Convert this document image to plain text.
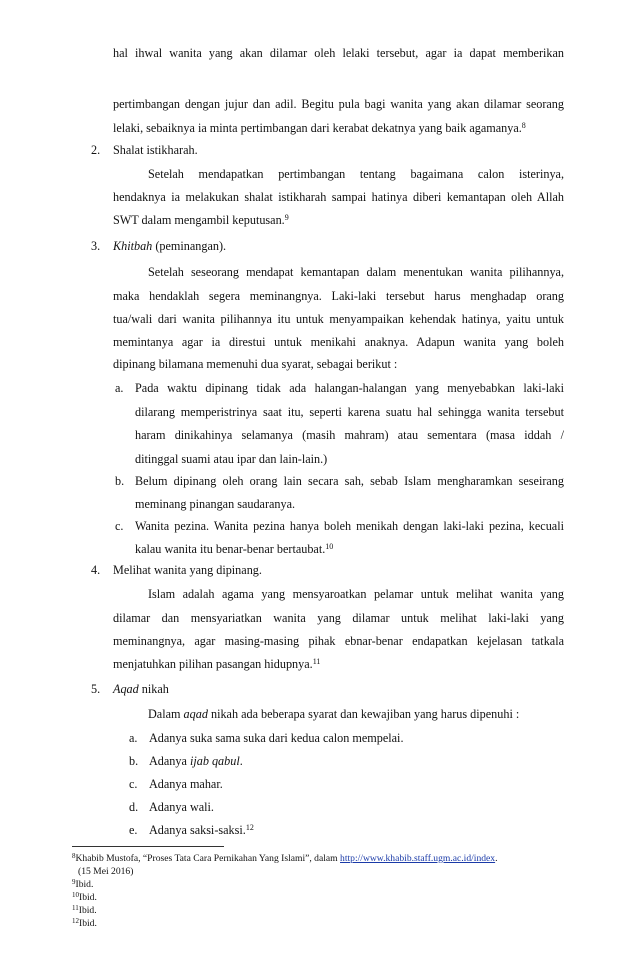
hal ihwal wanita yang akan dilamar oleh lelaki tersebut, agar ia dapat memberikan
pertimbangan dengan jujur dan adil. Begitu pula bagi wanita yang akan dilamar seorang
lelaki, sebaiknya ia minta pertimbangan dari kerabat dekatnya yang baik agamanya.$^8$
2. Shalat istikharah.
Setelah mendapatkan pertimbangan tentang bagaimana calon isterinya,
hendaknya ia melakukan shalat istikharah sampai hatinya diberi kemantapan oleh Allah
SWT dalam mengambil keputusan.$^9$
3. Khitbah (peminangan).
Setelah seseorang mendapat kemantapan dalam menentukan wanita pilihannya,
maka hendaklah segera meminangnya. Laki-laki tersebut harus menghadap orang
tua/wali dari wanita pilihannya itu untuk menyampaikan kehendak hatinya, yaitu untuk
memintanya agar ia direstui untuk menikahi anaknya. Adapun wanita yang boleh
dipinang bilamana memenuhi dua syarat, sebagai berikut :
a. Pada waktu dipinang tidak ada halangan-halangan yang menyebabkan laki-laki
dilarang memperistrinya saat itu, seperti karena suatu hal sehingga wanita tersebut
haram dinikahinya selamanya (masih mahram) atau sementara (masa iddah /
ditinggal suami atau ipar dan lain-lain.)
b. Belum dipinang oleh orang lain secara sah, sebab Islam mengharamkan seseirang
meminang pinangan saudaranya.
c. Wanita pezina. Wanita pezina hanya boleh menikah dengan laki-laki pezina, kecuali
kalau wanita itu benar-benar bertaubat.$^{10}$
4. Melihat wanita yang dipinang.
Islam adalah agama yang mensyaroatkan pelamar untuk melihat wanita yang
dilamar dan mensyariatkan wanita yang dilamar untuk melihat laki-laki yang
meminangnya, agar masing-masing pihak ebnar-benar endapatkan kejelasan tatkala
menjatuhkan pilihan pasangan hidupnya.$^{11}$
5. Aqad nikah
Dalam aqad nikah ada beberapa syarat dan kewajiban yang harus dipenuhi :
a. Adanya suka sama suka dari kedua calon mempelai.
b. Adanya ijab qabul.
c. Adanya mahar.
d. Adanya wali.
e. Adanya saksi-saksi.$^{12}$
$^8$Khabib Mustofa, “Proses Tata Cara Pernikahan Yang Islami”, dalam http://www.khabib.staff.ugm.ac.id/index.
(15 Mei 2016)
$^9$Ibid.
$^{10}$Ibid.
$^{11}$Ibid.
$^{12}$Ibid.
